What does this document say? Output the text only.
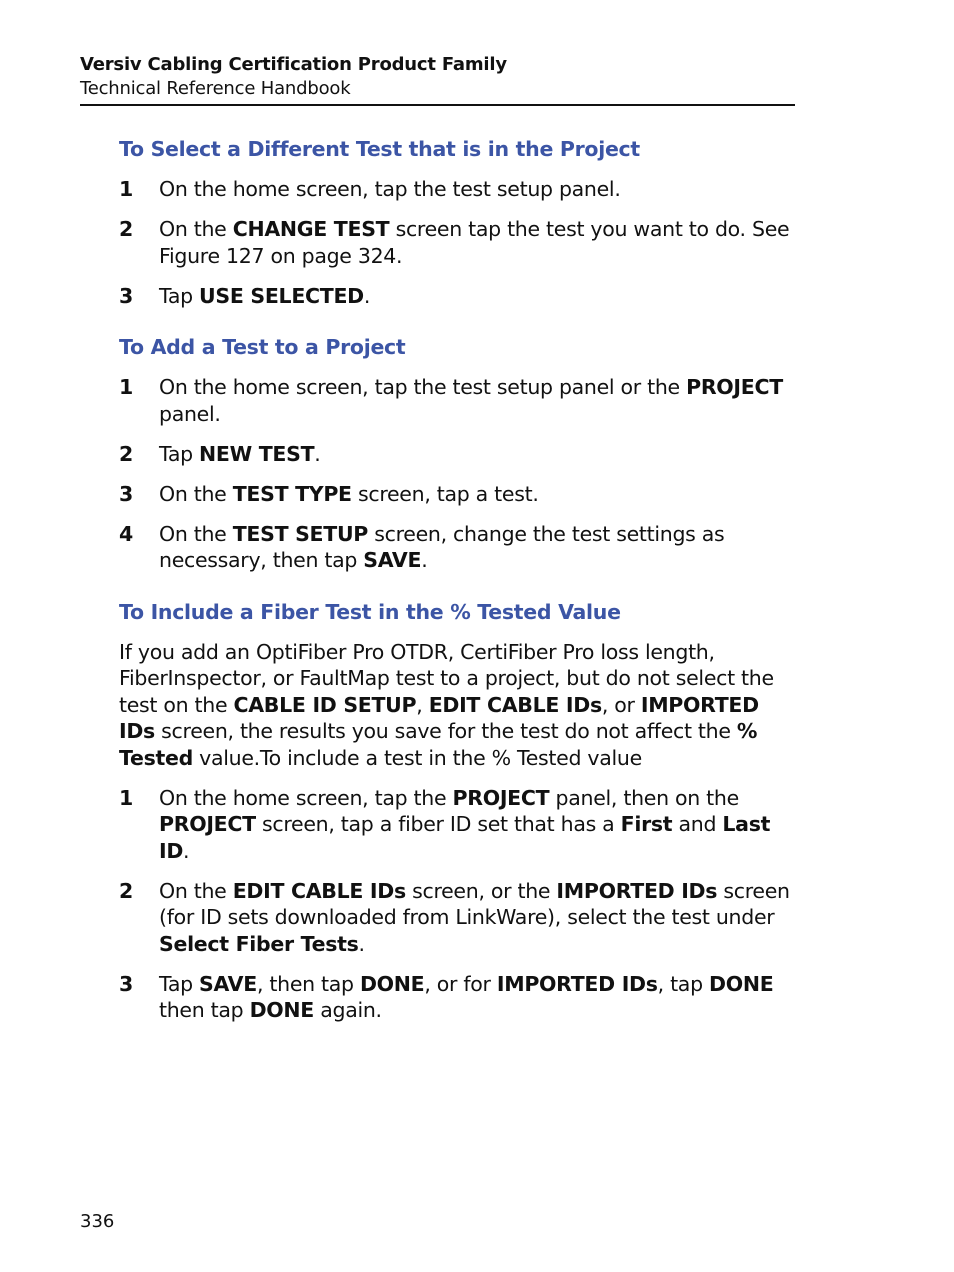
Versiv Cabling Certification Product Family
Technical Reference Handbook
To Select a Different Test that is in the Project
1 On the home screen, tap the test setup panel.
2 On the CHANGE TEST screen tap the test you want to do. See Figure 127 on page 324.
3 Tap USE SELECTED.
To Add a Test to a Project
1 On the home screen, tap the test setup panel or the PROJECT panel.
2 Tap NEW TEST.
3 On the TEST TYPE screen, tap a test.
4 On the TEST SETUP screen, change the test settings as necessary, then tap SAVE.
To Include a Fiber Test in the % Tested Value

If you add an OptiFiber Pro OTDR, CertiFiber Pro loss length, FiberInspector, or FaultMap test to a project, but do not select the test on the CABLE ID SETUP, EDIT CABLE IDs, or IMPORTED IDs screen, the results you save for the test do not affect the % Tested value.To include a test in the % Tested value

1 On the home screen, tap the PROJECT panel, then on the PROJECT screen, tap a fiber ID set that has a First and Last ID.
2 On the EDIT CABLE IDs screen, or the IMPORTED IDs screen (for ID sets downloaded from LinkWare), select the test under Select Fiber Tests.
3 Tap SAVE, then tap DONE, or for IMPORTED IDs, tap DONE then tap DONE again.
336
